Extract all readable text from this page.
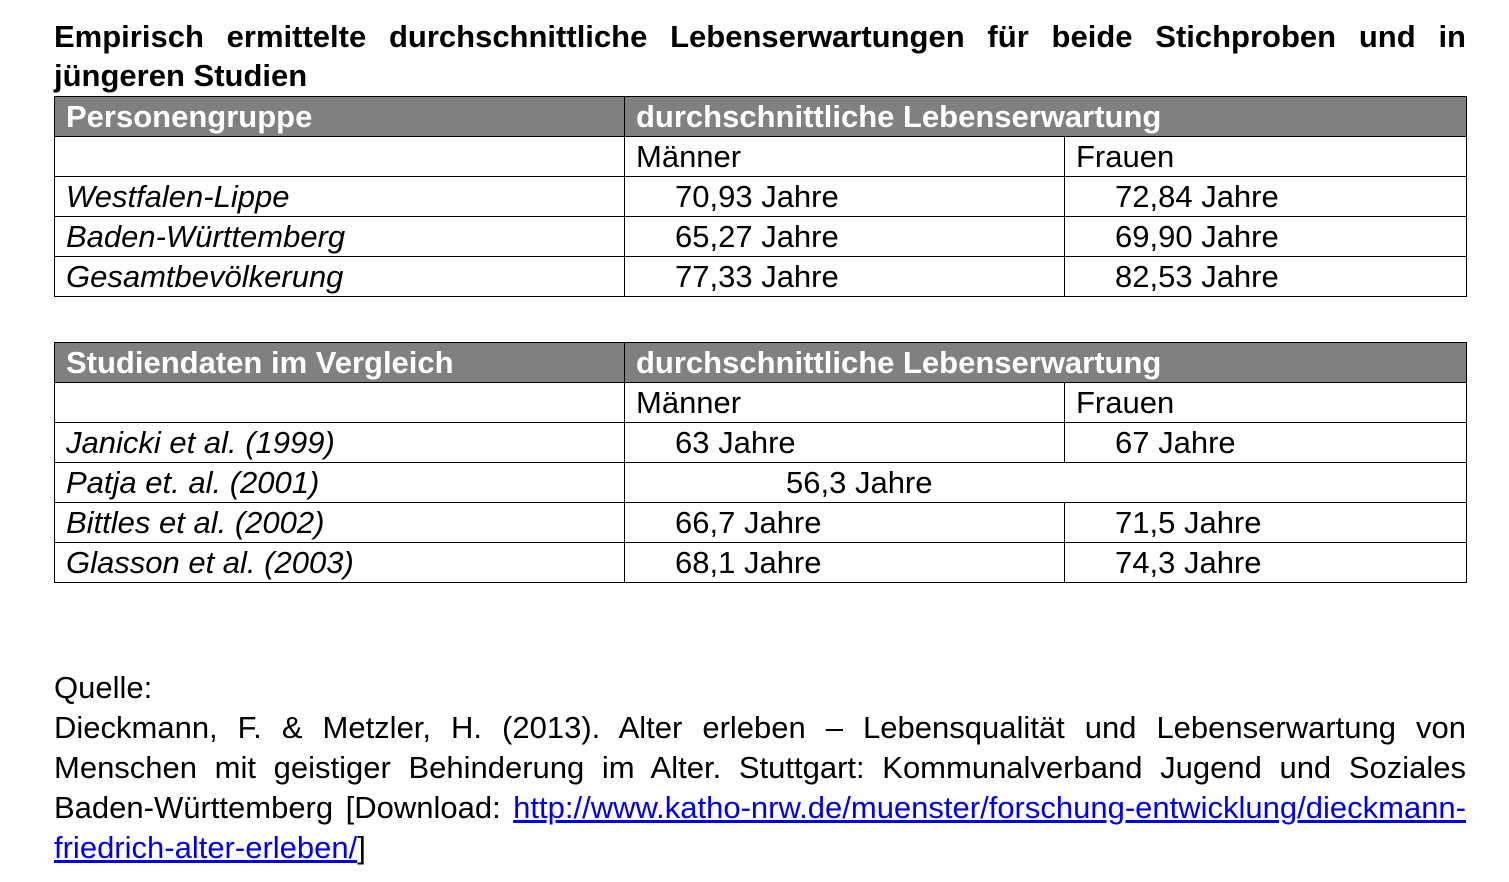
Empirisch ermittelte durchschnittliche Lebenserwartungen für beide Stichproben und in jüngeren Studien

Personengruppe	durchschnittliche Lebenserwartung	
	Männer	Frauen
Westfalen-Lippe	70,93 Jahre	72,84 Jahre
Baden-Württemberg	65,27 Jahre	69,90 Jahre
Gesamtbevölkerung	77,33 Jahre	82,53 Jahre
Studiendaten im Vergleich	durchschnittliche Lebenserwartung	
	Männer	Frauen
Janicki et al. (1999)	63 Jahre	67 Jahre
Patja et. al. (2001)	56,3 Jahre	
Bittles et al. (2002)	66,7 Jahre	71,5 Jahre
Glasson et al. (2003)	68,1 Jahre	74,3 Jahre

Quelle:

Dieckmann, F. & Metzler, H. (2013). Alter erleben – Lebensqualität und Lebenserwartung von Menschen mit geistiger Behinderung im Alter. Stuttgart: Kommunalverband Jugend und Soziales Baden-Württemberg [Download: http://www.katho-nrw.de/muenster/forschung-entwicklung/dieckmann-friedrich-alter-erleben/]
